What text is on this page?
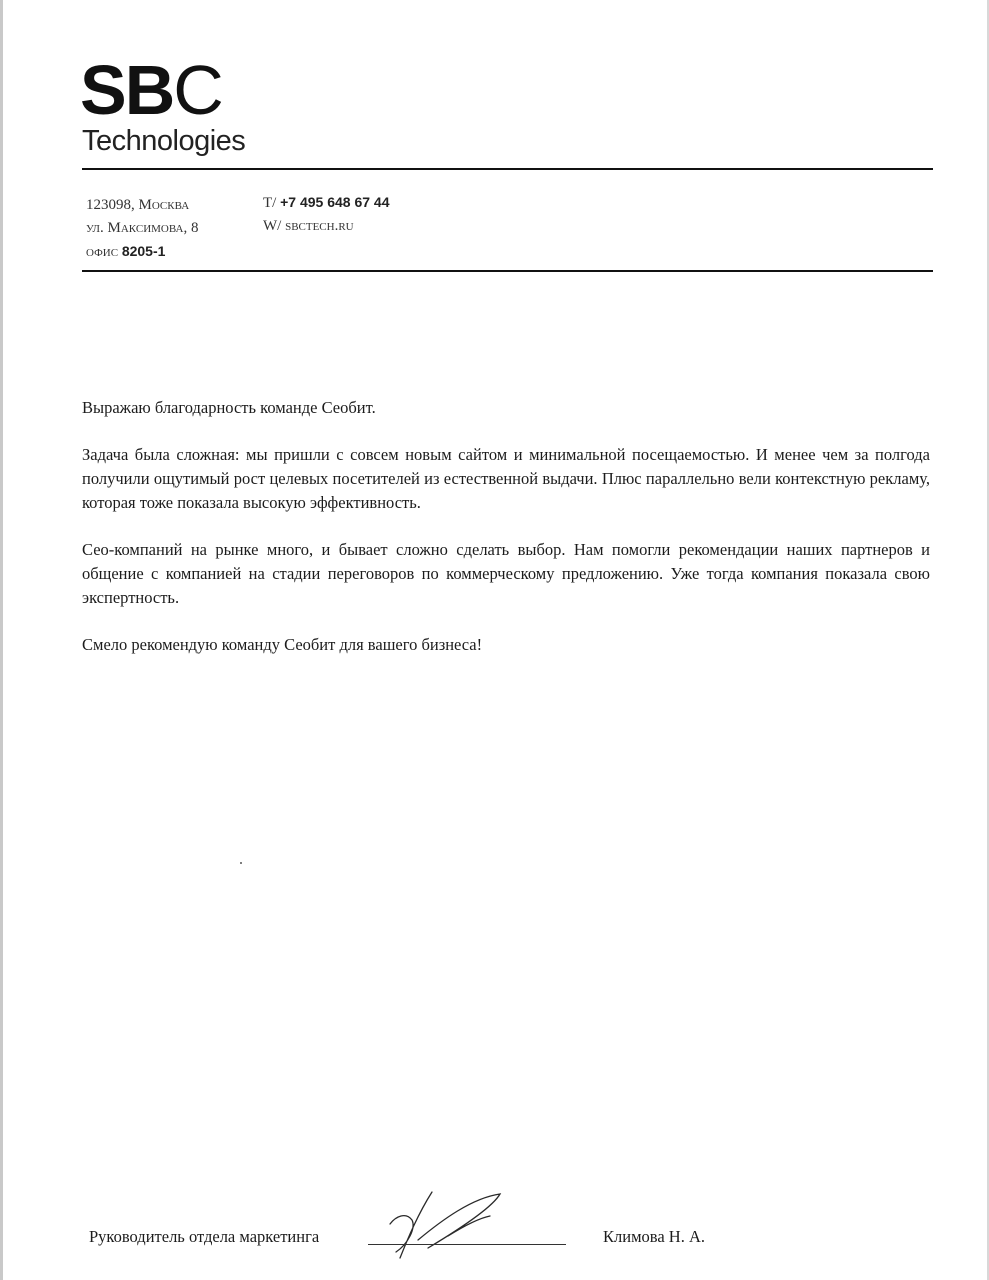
SBC
Technologies
123098, Москва
ул. Максимова, 8
офис 8205-1
T/ +7 495 648 67 44
W/ sbctech.ru

Выражаю благодарность команде Сеобит.

Задача была сложная: мы пришли с совсем новым сайтом и минимальной посещаемостью. И менее чем за полгода получили ощутимый рост целевых посетителей из естественной выдачи. Плюс параллельно вели контекстную рекламу, которая тоже показала высокую эффективность.

Сео-компаний на рынке много, и бывает сложно сделать выбор. Нам помогли рекомендации наших партнеров и общение с компанией на стадии переговоров по коммерческому предложению. Уже тогда компания показала свою экспертность.

Смело рекомендую команду Сеобит для вашего бизнеса!

Руководитель отдела маркетинга	Климова Н. А.
